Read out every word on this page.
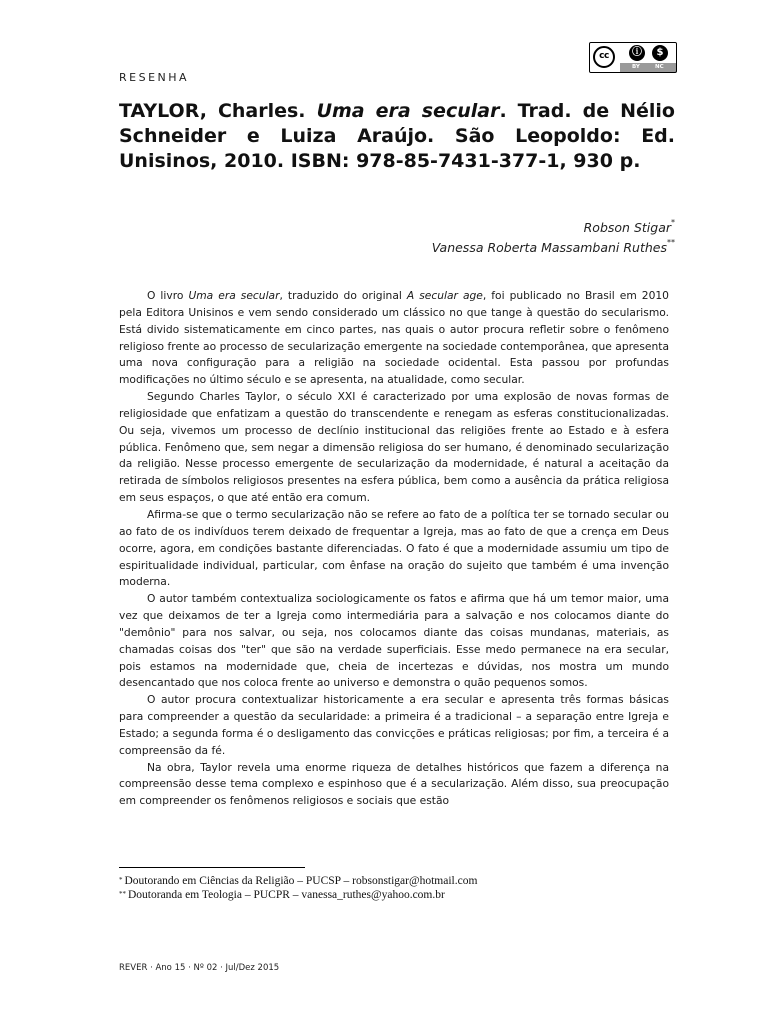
RESENHA
cc	ⓘ	$
BY	NC
TAYLOR, Charles. Uma era secular. Trad. de Nélio Schneider e Luiza Araújo. São Leopoldo: Ed. Unisinos, 2010. ISBN: 978-85-7431-377-1, 930 p.
Robson Stigar*
Vanessa Roberta Massambani Ruthes**

O livro Uma era secular, traduzido do original A secular age, foi publicado no Brasil em 2010 pela Editora Unisinos e vem sendo considerado um clássico no que tange à questão do secularismo. Está divido sistematicamente em cinco partes, nas quais o autor procura refletir sobre o fenômeno religioso frente ao processo de secularização emergente na sociedade contemporânea, que apresenta uma nova configuração para a religião na sociedade ocidental. Esta passou por profundas modificações no último século e se apresenta, na atualidade, como secular.

Segundo Charles Taylor, o século XXI é caracterizado por uma explosão de novas formas de religiosidade que enfatizam a questão do transcendente e renegam as esferas constitucionalizadas. Ou seja, vivemos um processo de declínio institucional das religiões frente ao Estado e à esfera pública. Fenômeno que, sem negar a dimensão religiosa do ser humano, é denominado secularização da religião. Nesse processo emergente de secularização da modernidade, é natural a aceitação da retirada de símbolos religiosos presentes na esfera pública, bem como a ausência da prática religiosa em seus espaços, o que até então era comum.

Afirma-se que o termo secularização não se refere ao fato de a política ter se tornado secular ou ao fato de os indivíduos terem deixado de frequentar a Igreja, mas ao fato de que a crença em Deus ocorre, agora, em condições bastante diferenciadas. O fato é que a modernidade assumiu um tipo de espiritualidade individual, particular, com ênfase na oração do sujeito que também é uma invenção moderna.

O autor também contextualiza sociologicamente os fatos e afirma que há um temor maior, uma vez que deixamos de ter a Igreja como intermediária para a salvação e nos colocamos diante do "demônio" para nos salvar, ou seja, nos colocamos diante das coisas mundanas, materiais, as chamadas coisas dos "ter" que são na verdade superficiais. Esse medo permanece na era secular, pois estamos na modernidade que, cheia de incertezas e dúvidas, nos mostra um mundo desencantado que nos coloca frente ao universo e demonstra o quão pequenos somos.

O autor procura contextualizar historicamente a era secular e apresenta três formas básicas para compreender a questão da secularidade: a primeira é a tradicional – a separação entre Igreja e Estado; a segunda forma é o desligamento das convicções e práticas religiosas; por fim, a terceira é a compreensão da fé.

Na obra, Taylor revela uma enorme riqueza de detalhes históricos que fazem a diferença na compreensão desse tema complexo e espinhoso que é a secularização. Além disso, sua preocupação em compreender os fenômenos religiosos e sociais que estão

* Doutorando em Ciências da Religião – PUCSP – robsonstigar@hotmail.com
** Doutoranda em Teologia – PUCPR – vanessa_ruthes@yahoo.com.br
REVER · Ano 15 · Nº 02 · Jul/Dez 2015
